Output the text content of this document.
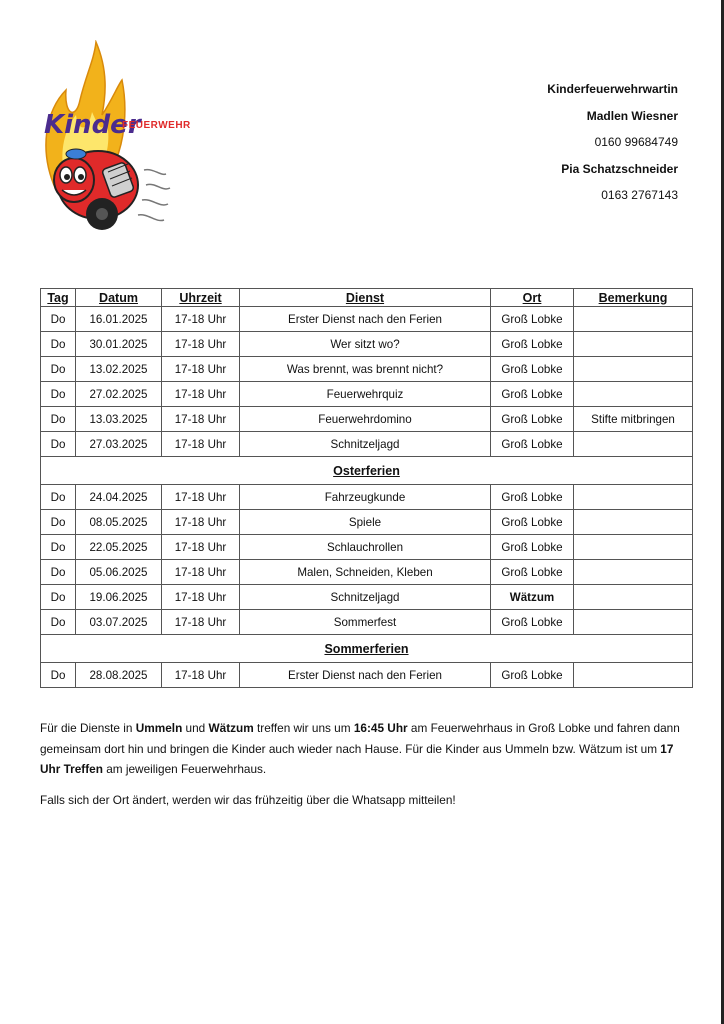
Kinder
FEUERWEHR
Kinderfeuerwehrwartin
Madlen Wiesner
0160 99684749
Pia Schatzschneider
0163 2767143
Tag	Datum	Uhrzeit	Dienst	Ort	Bemerkung
Do	16.01.2025	17-18 Uhr	Erster Dienst nach den Ferien	Groß Lobke	
Do	30.01.2025	17-18 Uhr	Wer sitzt wo?	Groß Lobke	
Do	13.02.2025	17-18 Uhr	Was brennt, was brennt nicht?	Groß Lobke	
Do	27.02.2025	17-18 Uhr	Feuerwehrquiz	Groß Lobke	
Do	13.03.2025	17-18 Uhr	Feuerwehrdomino	Groß Lobke	Stifte mitbringen
Do	27.03.2025	17-18 Uhr	Schnitzeljagd	Groß Lobke	
Osterferien					
Do	24.04.2025	17-18 Uhr	Fahrzeugkunde	Groß Lobke	
Do	08.05.2025	17-18 Uhr	Spiele	Groß Lobke	
Do	22.05.2025	17-18 Uhr	Schlauchrollen	Groß Lobke	
Do	05.06.2025	17-18 Uhr	Malen, Schneiden, Kleben	Groß Lobke	
Do	19.06.2025	17-18 Uhr	Schnitzeljagd	Wätzum	
Do	03.07.2025	17-18 Uhr	Sommerfest	Groß Lobke	
Sommerferien					
Do	28.08.2025	17-18 Uhr	Erster Dienst nach den Ferien	Groß Lobke	

Für die Dienste in Ummeln und Wätzum treffen wir uns um 16:45 Uhr am Feuerwehrhaus in Groß Lobke und fahren dann gemeinsam dort hin und bringen die Kinder auch wieder nach Hause. Für die Kinder aus Ummeln bzw. Wätzum ist um 17 Uhr Treffen am jeweiligen Feuerwehrhaus.

Falls sich der Ort ändert, werden wir das frühzeitig über die Whatsapp mitteilen!
